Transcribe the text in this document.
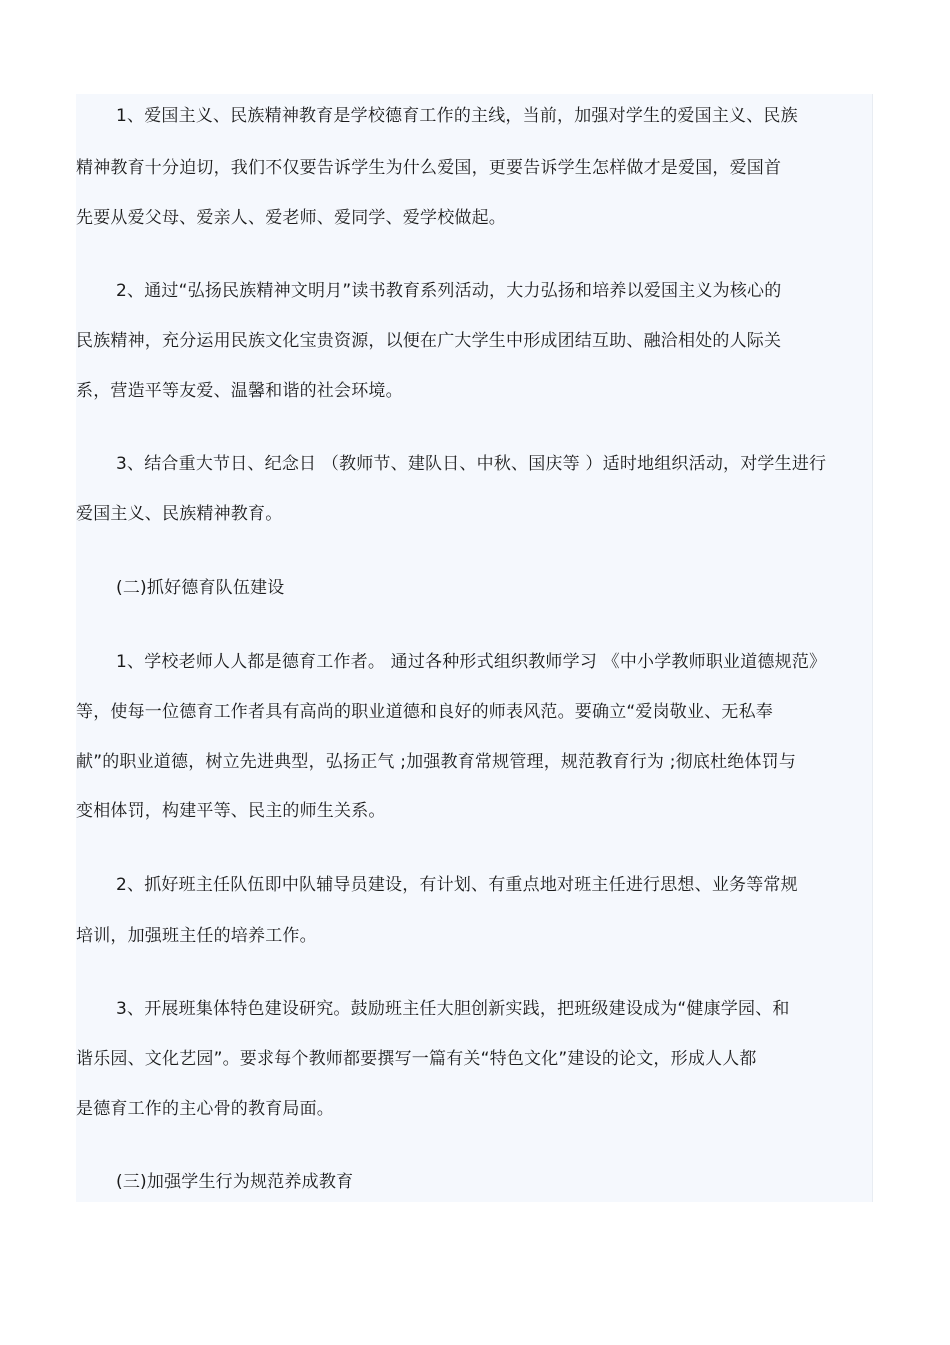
1、爱国主义、民族精神教育是学校德育工作的主线，当前，加强对学生的爱国主义、民族
精神教育十分迫切，我们不仅要告诉学生为什么爱国，更要告诉学生怎样做才是爱国，爱国首
先要从爱父母、爱亲人、爱老师、爱同学、爱学校做起。
2、通过“弘扬民族精神文明月”读书教育系列活动，大力弘扬和培养以爱国主义为核心的
民族精神，充分运用民族文化宝贵资源，以便在广大学生中形成团结互助、融洽相处的人际关
系，营造平等友爱、温馨和谐的社会环境。
3、结合重大节日、纪念日 （教师节、建队日、中秋、国庆等 ）适时地组织活动，对学生进行
爱国主义、民族精神教育。
(二)抓好德育队伍建设
1、学校老师人人都是德育工作者。 通过各种形式组织教师学习 《中小学教师职业道德规范》
等，使每一位德育工作者具有高尚的职业道德和良好的师表风范。要确立“爱岗敬业、无私奉
献”的职业道德，树立先进典型，弘扬正气 ;加强教育常规管理，规范教育行为 ;彻底杜绝体罚与
变相体罚，构建平等、民主的师生关系。
2、抓好班主任队伍即中队辅导员建设，有计划、有重点地对班主任进行思想、业务等常规
培训，加强班主任的培养工作。
3、开展班集体特色建设研究。鼓励班主任大胆创新实践，把班级建设成为“健康学园、和
谐乐园、文化艺园”。要求每个教师都要撰写一篇有关“特色文化”建设的论文，形成人人都
是德育工作的主心骨的教育局面。
(三)加强学生行为规范养成教育
